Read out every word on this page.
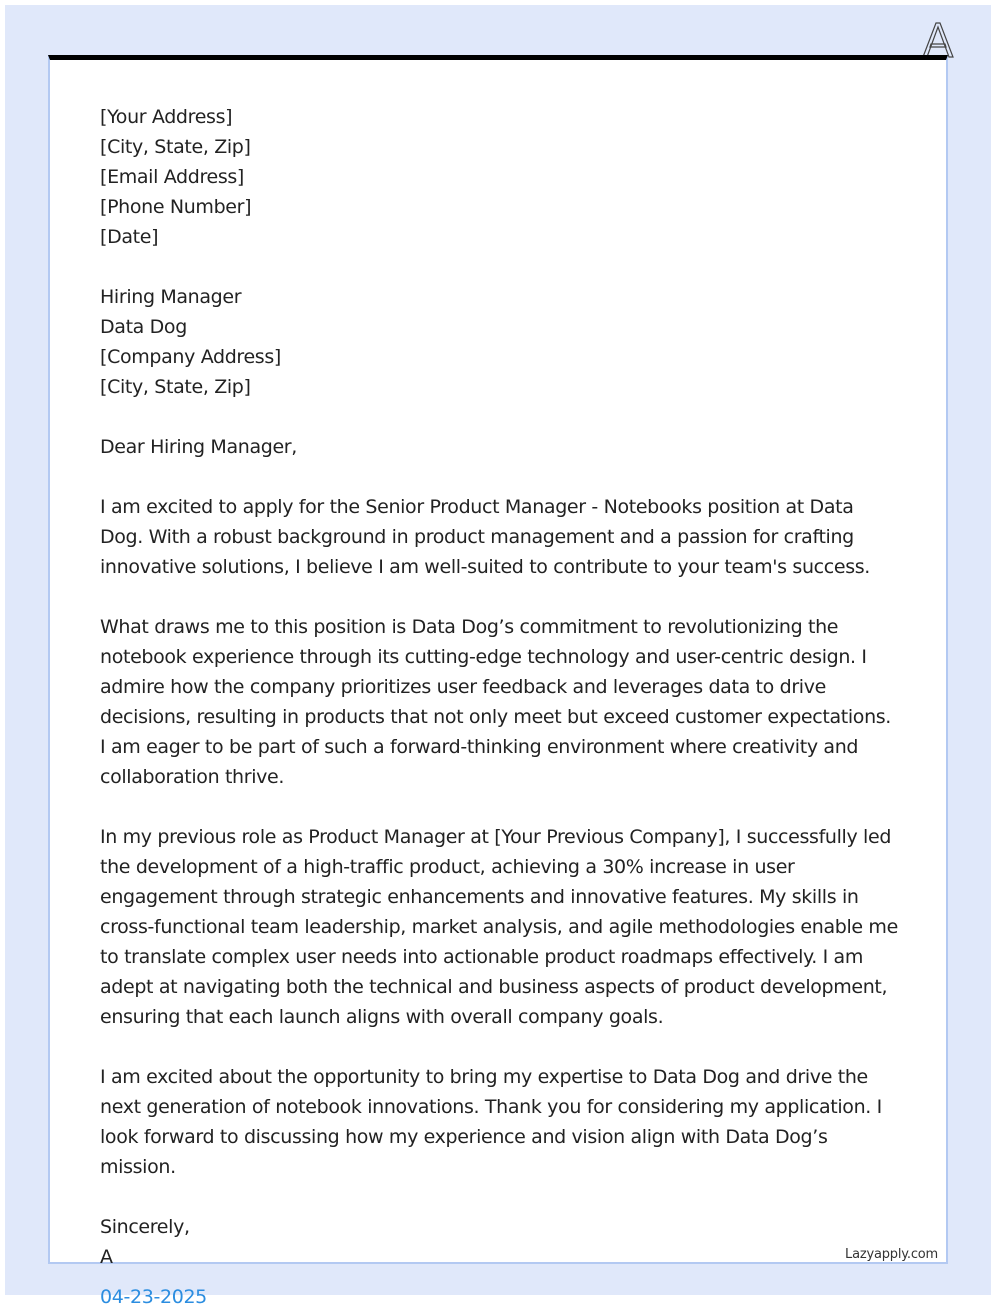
[Your Address]
[City, State, Zip]
[Email Address]
[Phone Number]
[Date]
Hiring Manager
Data Dog
[Company Address]
[City, State, Zip]
Dear Hiring Manager,
I am excited to apply for the Senior Product Manager - Notebooks position at Data Dog. With a robust background in product management and a passion for crafting innovative solutions, I believe I am well-suited to contribute to your team's success.
What draws me to this position is Data Dog’s commitment to revolutionizing the notebook experience through its cutting-edge technology and user-centric design. I admire how the company prioritizes user feedback and leverages data to drive decisions, resulting in products that not only meet but exceed customer expectations. I am eager to be part of such a forward-thinking environment where creativity and collaboration thrive.
In my previous role as Product Manager at [Your Previous Company], I successfully led the development of a high-traffic product, achieving a 30% increase in user engagement through strategic enhancements and innovative features. My skills in cross-functional team leadership, market analysis, and agile methodologies enable me to translate complex user needs into actionable product roadmaps effectively. I am adept at navigating both the technical and business aspects of product development, ensuring that each launch aligns with overall company goals.
I am excited about the opportunity to bring my expertise to Data Dog and drive the next generation of notebook innovations. Thank you for considering my application. I look forward to discussing how my experience and vision align with Data Dog’s mission.
Sincerely,
A
04-23-2025
Lazyapply.com
